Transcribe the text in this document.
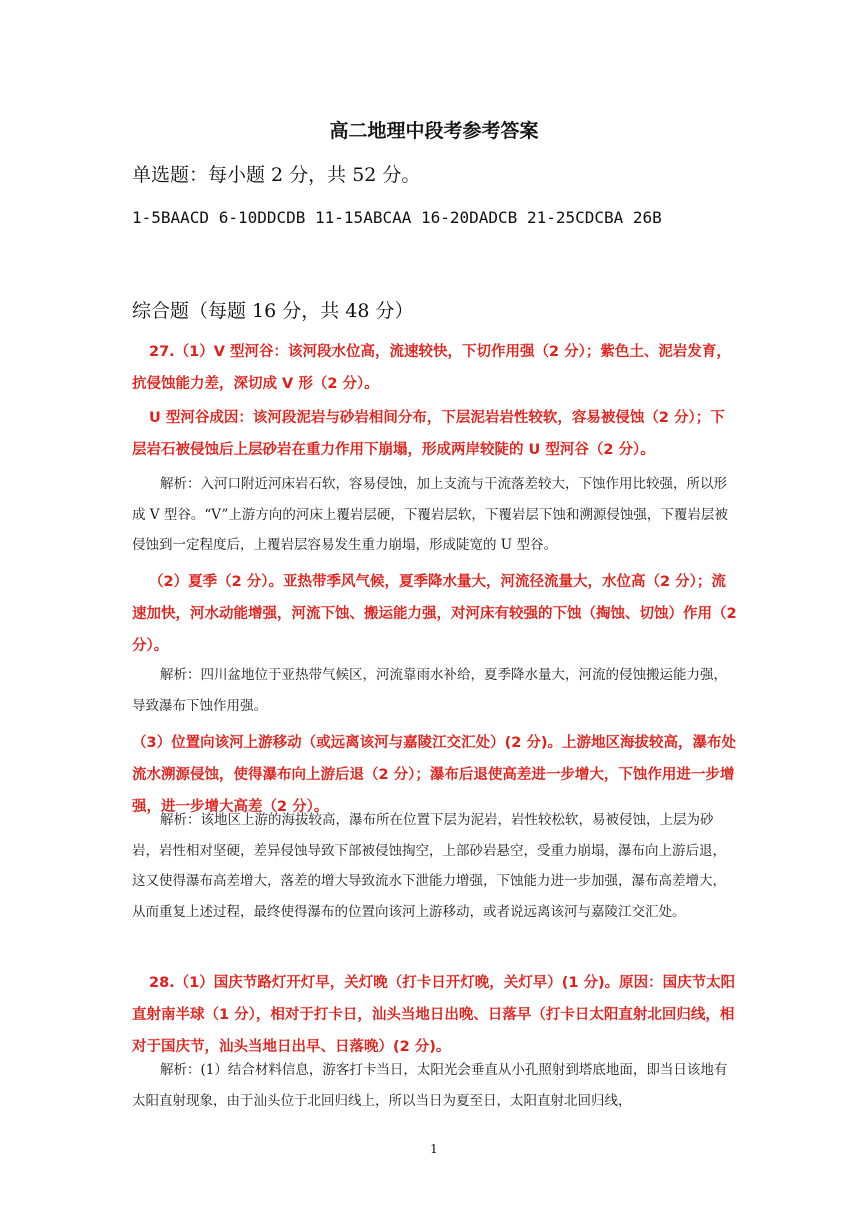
高二地理中段考参考答案
单选题：每小题 2 分，共 52 分。
1-5BAACD 6-10DDCDB 11-15ABCAA 16-20DADCB 21-25CDCBA 26B
综合题（每题 16 分，共 48 分）

27.（1）V 型河谷：该河段水位高，流速较快，下切作用强（2 分）；紫色土、泥岩发育，抗侵蚀能力差，深切成 V 形（2 分）。

U 型河谷成因：该河段泥岩与砂岩相间分布，下层泥岩岩性较软，容易被侵蚀（2 分）；下层岩石被侵蚀后上层砂岩在重力作用下崩塌，形成两岸较陡的 U 型河谷（2 分）。

解析：入河口附近河床岩石软，容易侵蚀，加上支流与干流落差较大，下蚀作用比较强，所以形成 V 型谷。“V”上游方向的河床上覆岩层硬，下覆岩层软，下覆岩层下蚀和溯源侵蚀强，下覆岩层被侵蚀到一定程度后，上覆岩层容易发生重力崩塌，形成陡宽的 U 型谷。

（2）夏季（2 分）。亚热带季风气候，夏季降水量大，河流径流量大，水位高（2 分）；流速加快，河水动能增强，河流下蚀、搬运能力强，对河床有较强的下蚀（掏蚀、切蚀）作用（2 分）。

解析：四川盆地位于亚热带气候区，河流靠雨水补给，夏季降水量大，河流的侵蚀搬运能力强，导致瀑布下蚀作用强。

（3）位置向该河上游移动（或远离该河与嘉陵江交汇处）(2 分)。上游地区海拔较高，瀑布处流水溯源侵蚀，使得瀑布向上游后退（2 分）；瀑布后退使高差进一步增大，下蚀作用进一步增强，进一步增大高差（2 分）。

解析：该地区上游的海拔较高，瀑布所在位置下层为泥岩，岩性较松软，易被侵蚀，上层为砂岩，岩性相对坚硬，差异侵蚀导致下部被侵蚀掏空，上部砂岩悬空，受重力崩塌，瀑布向上游后退，这又使得瀑布高差增大，落差的增大导致流水下泄能力增强，下蚀能力进一步加强，瀑布高差增大，从而重复上述过程，最终使得瀑布的位置向该河上游移动，或者说远离该河与嘉陵江交汇处。

28.（1）国庆节路灯开灯早，关灯晚（打卡日开灯晚，关灯早）(1 分)。原因：国庆节太阳直射南半球（1 分），相对于打卡日，汕头当地日出晚、日落早（打卡日太阳直射北回归线，相对于国庆节，汕头当地日出早、日落晚）(2 分)。

解析：(1）结合材料信息，游客打卡当日，太阳光会垂直从小孔照射到塔底地面，即当日该地有太阳直射现象，由于汕头位于北回归线上，所以当日为夏至日，太阳直射北回归线，

1
